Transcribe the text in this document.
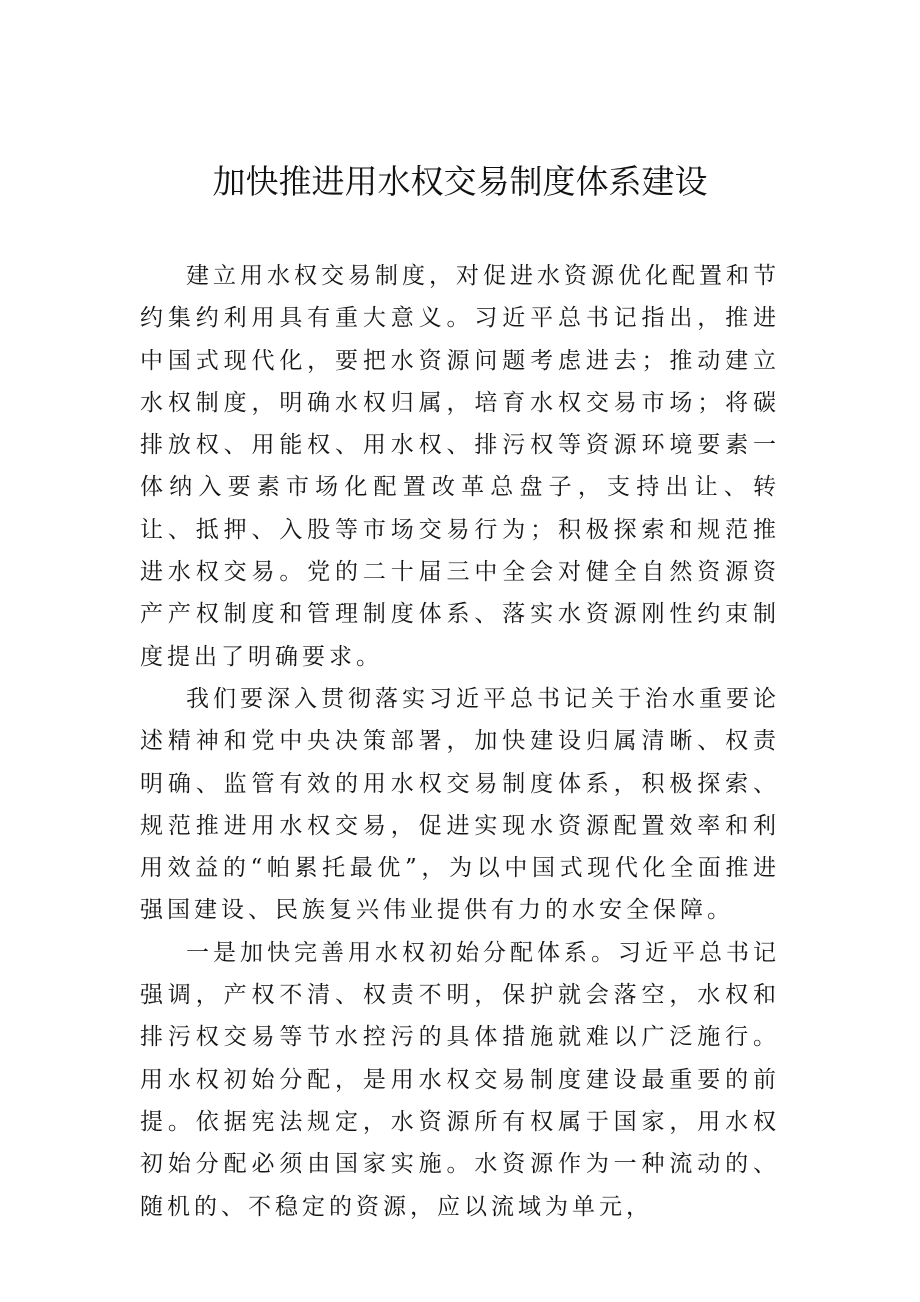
加快推进用水权交易制度体系建设

建立用水权交易制度，对促进水资源优化配置和节约集约利用具有重大意义。习近平总书记指出，推进中国式现代化，要把水资源问题考虑进去；推动建立水权制度，明确水权归属，培育水权交易市场；将碳排放权、用能权、用水权、排污权等资源环境要素一体纳入要素市场化配置改革总盘子，支持出让、转让、抵押、入股等市场交易行为；积极探索和规范推进水权交易。党的二十届三中全会对健全自然资源资产产权制度和管理制度体系、落实水资源刚性约束制度提出了明确要求。

我们要深入贯彻落实习近平总书记关于治水重要论述精神和党中央决策部署，加快建设归属清晰、权责明确、监管有效的用水权交易制度体系，积极探索、规范推进用水权交易，促进实现水资源配置效率和利用效益的“帕累托最优”，为以中国式现代化全面推进强国建设、民族复兴伟业提供有力的水安全保障。

一是加快完善用水权初始分配体系。习近平总书记强调，产权不清、权责不明，保护就会落空，水权和排污权交易等节水控污的具体措施就难以广泛施行。用水权初始分配，是用水权交易制度建设最重要的前提。依据宪法规定，水资源所有权属于国家，用水权初始分配必须由国家实施。水资源作为一种流动的、随机的、不稳定的资源，应以流域为单元，
